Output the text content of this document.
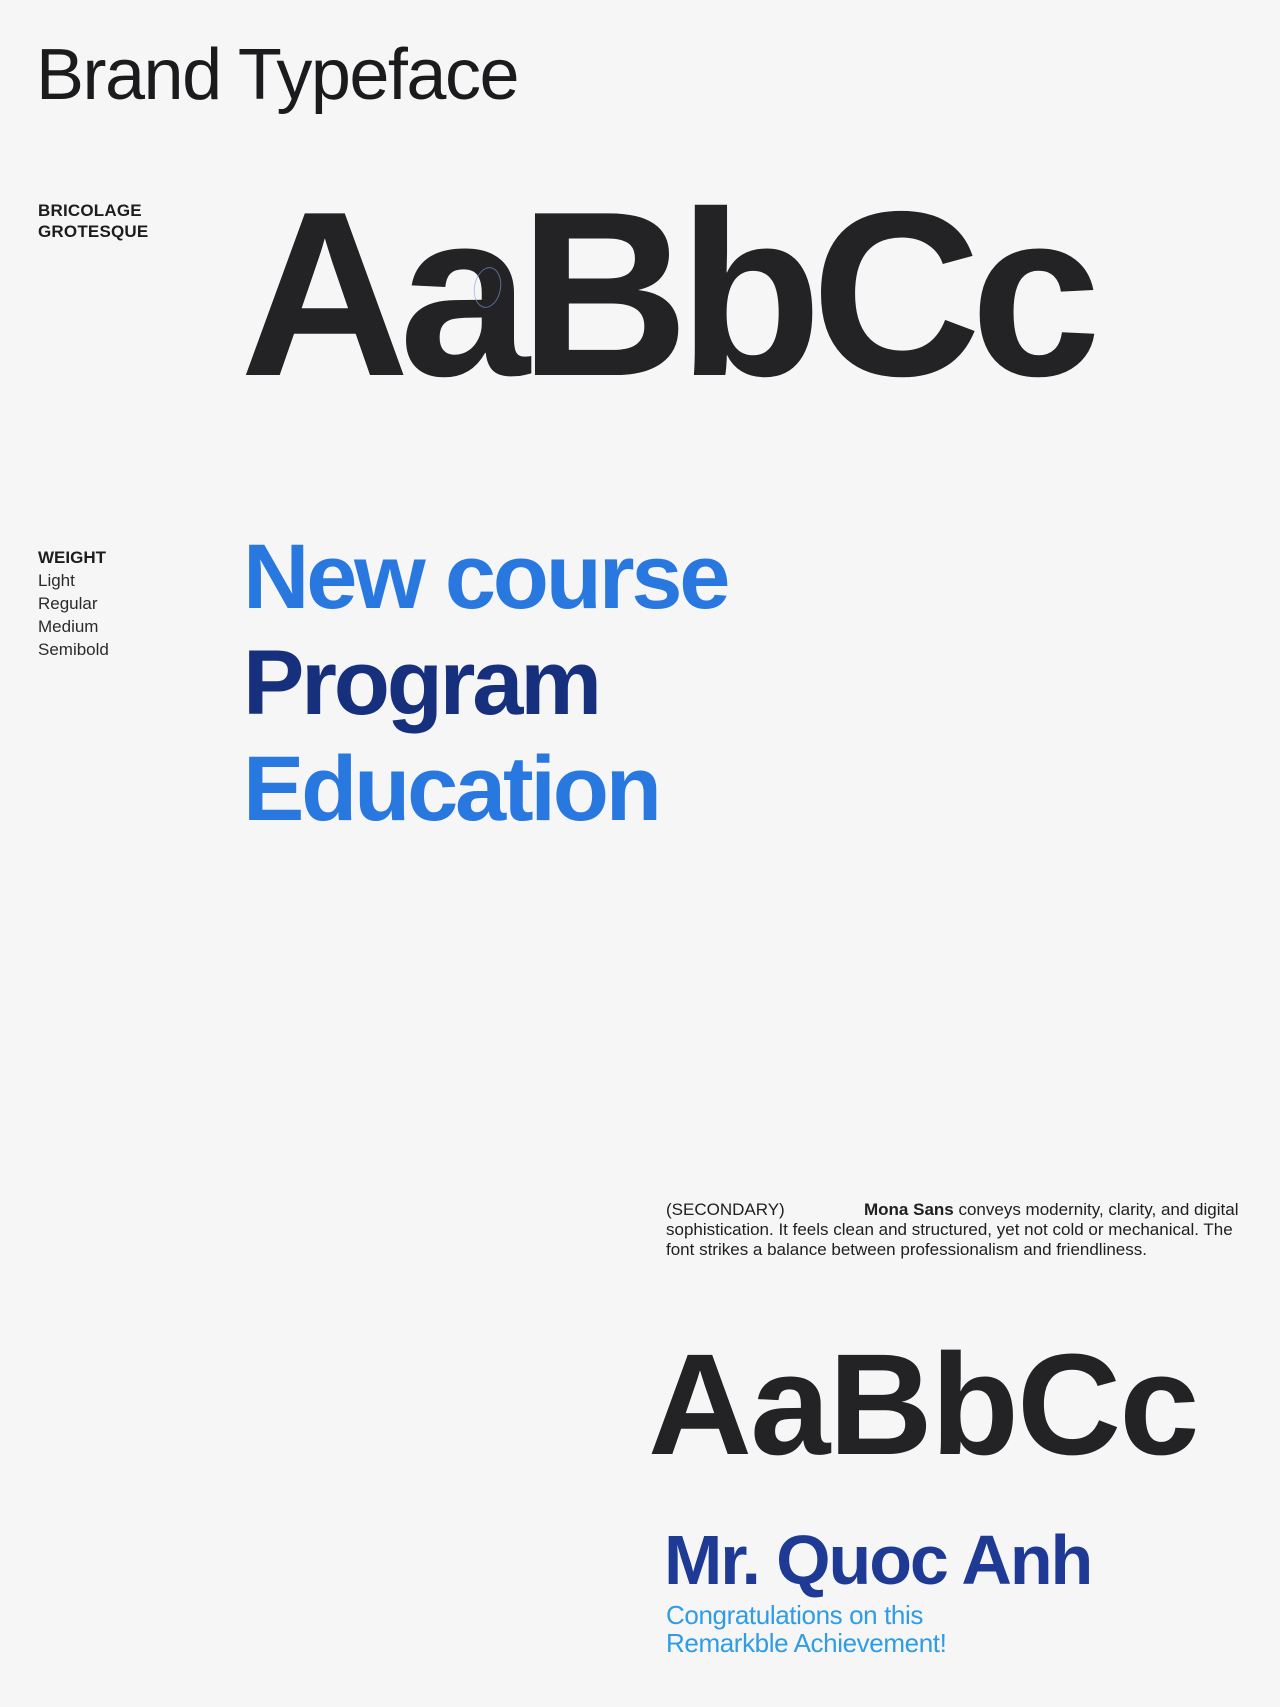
Brand Typeface
BRICOLAGE GROTESQUE AaBbCc
WEIGHT
Light
Regular
Medium
Semibold
New course
Program
Education

(SECONDARY)	Mona Sans conveys modernity, clarity, and digital sophistication. It feels clean and structured, yet not cold or mechanical. The font strikes a balance between professionalism and friendliness.

AaBbCc
Mr. Quoc Anh
Congratulations on this
Remarkble Achievement!
